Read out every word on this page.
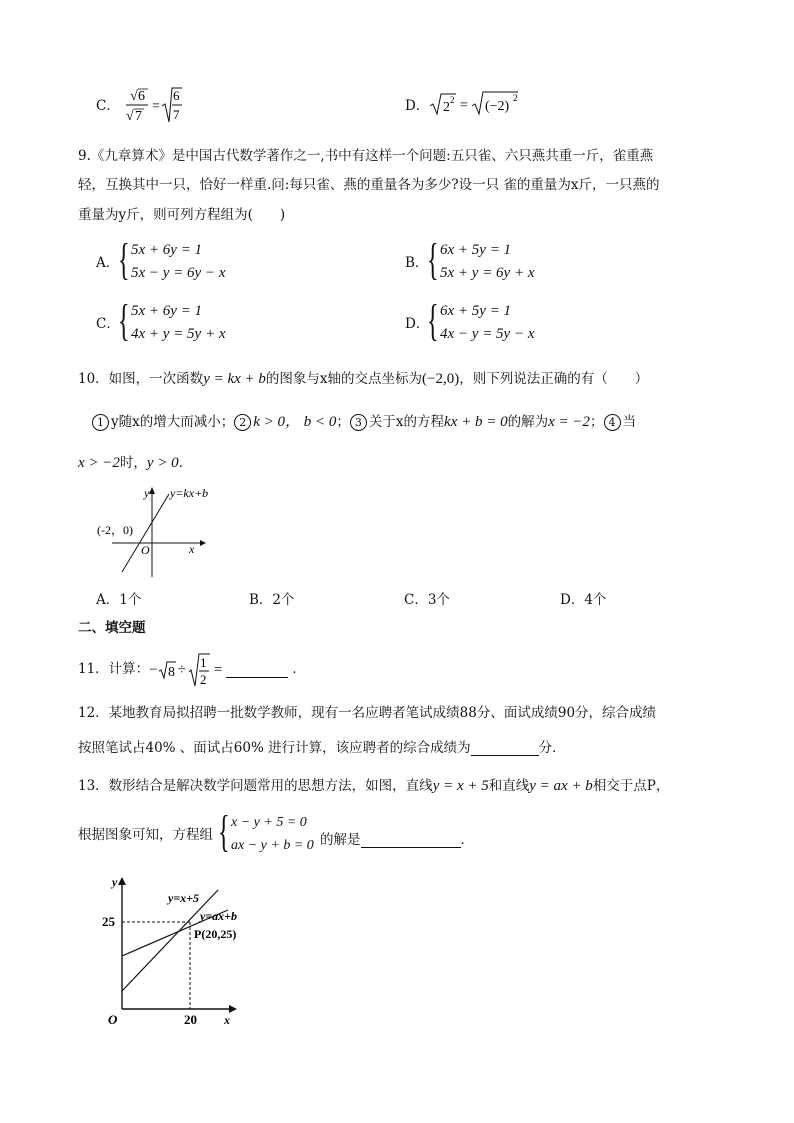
C．
√ 6
√ 7
=
6
7
D． 2 2 = (−2)
2
9.《九章算术》是中国古代数学著作之一,书中有这样一个问题:五只雀、六只燕共重一斤，雀重燕
轻，互换其中一只，恰好一样重.问:每只雀、燕的重量各为多少?设一只 雀的重量为x斤，一只燕的
重量为y斤，则可列方程组为(　　)
A．
{ 5x + 6y = 1
5x − y = 6y − x
B．
{ 6x + 5y = 1
5x + y = 6y + x
C．
{ 5x + 6y = 1
4x + y = 5y + x
D．
{ 6x + 5y = 1
4x − y = 5y − x
10．如图，一次函数y = kx + b的图象与x轴的交点坐标为(−2,0)，则下列说法正确的有（　　）
1 y随x的增大而减小； 2 k > 0， b < 0； 3 关于x的方程kx + b = 0的解为x = −2； 4 当
x > −2时，y > 0．
y
x
O
(-2，0)
y=kx+b
A．1个	B．2个	C．3个	D．4个
二、填空题
11．计算： − 8 ÷ 1
2
=	．
12．某地教育局拟招聘一批数学教师，现有一名应聘者笔试成绩88分、面试成绩90分，综合成绩
按照笔试占40% 、面试占60% 进行计算，该应聘者的综合成绩为	分．
13．数形结合是解决数学问题常用的思想方法，如图，直线y = x + 5和直线y = ax + b相交于点P，
根据图象可知，方程组 { x − y + 5 = 0
ax − y + b = 0 的解是	．
y
x
O
25
20
y=x+5
y=ax+b
P(20,25)
